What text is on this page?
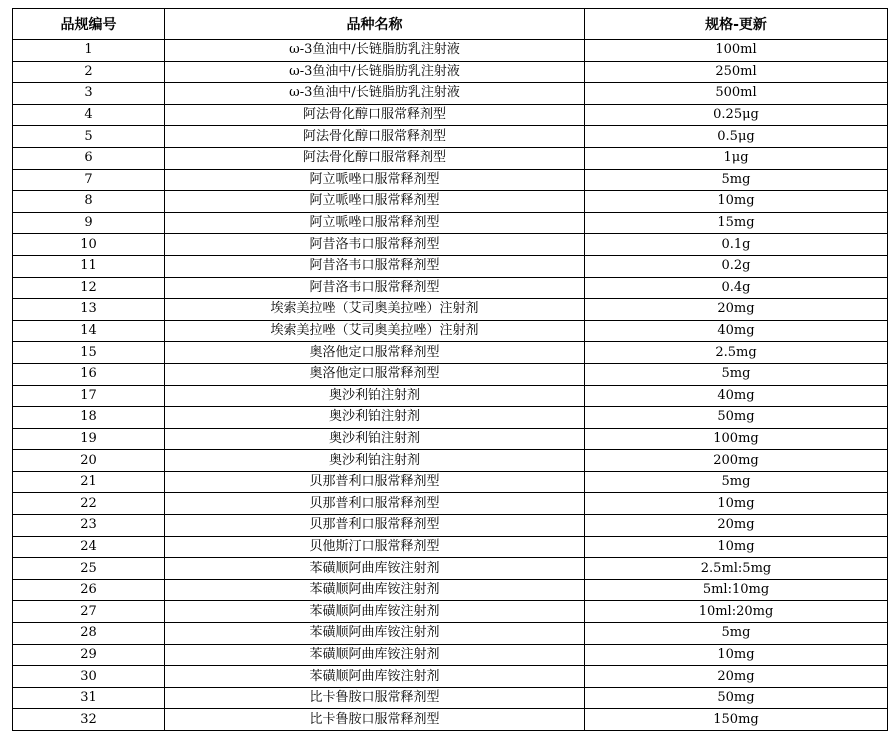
品规编号	品种名称	规格-更新
1	ω-3鱼油中/长链脂肪乳注射液	100ml
2	ω-3鱼油中/长链脂肪乳注射液	250ml
3	ω-3鱼油中/长链脂肪乳注射液	500ml
4	阿法骨化醇口服常释剂型	0.25μg
5	阿法骨化醇口服常释剂型	0.5μg
6	阿法骨化醇口服常释剂型	1μg
7	阿立哌唑口服常释剂型	5mg
8	阿立哌唑口服常释剂型	10mg
9	阿立哌唑口服常释剂型	15mg
10	阿昔洛韦口服常释剂型	0.1g
11	阿昔洛韦口服常释剂型	0.2g
12	阿昔洛韦口服常释剂型	0.4g
13	埃索美拉唑（艾司奥美拉唑）注射剂	20mg
14	埃索美拉唑（艾司奥美拉唑）注射剂	40mg
15	奥洛他定口服常释剂型	2.5mg
16	奥洛他定口服常释剂型	5mg
17	奥沙利铂注射剂	40mg
18	奥沙利铂注射剂	50mg
19	奥沙利铂注射剂	100mg
20	奥沙利铂注射剂	200mg
21	贝那普利口服常释剂型	5mg
22	贝那普利口服常释剂型	10mg
23	贝那普利口服常释剂型	20mg
24	贝他斯汀口服常释剂型	10mg
25	苯磺顺阿曲库铵注射剂	2.5ml:5mg
26	苯磺顺阿曲库铵注射剂	5ml:10mg
27	苯磺顺阿曲库铵注射剂	10ml:20mg
28	苯磺顺阿曲库铵注射剂	5mg
29	苯磺顺阿曲库铵注射剂	10mg
30	苯磺顺阿曲库铵注射剂	20mg
31	比卡鲁胺口服常释剂型	50mg
32	比卡鲁胺口服常释剂型	150mg
